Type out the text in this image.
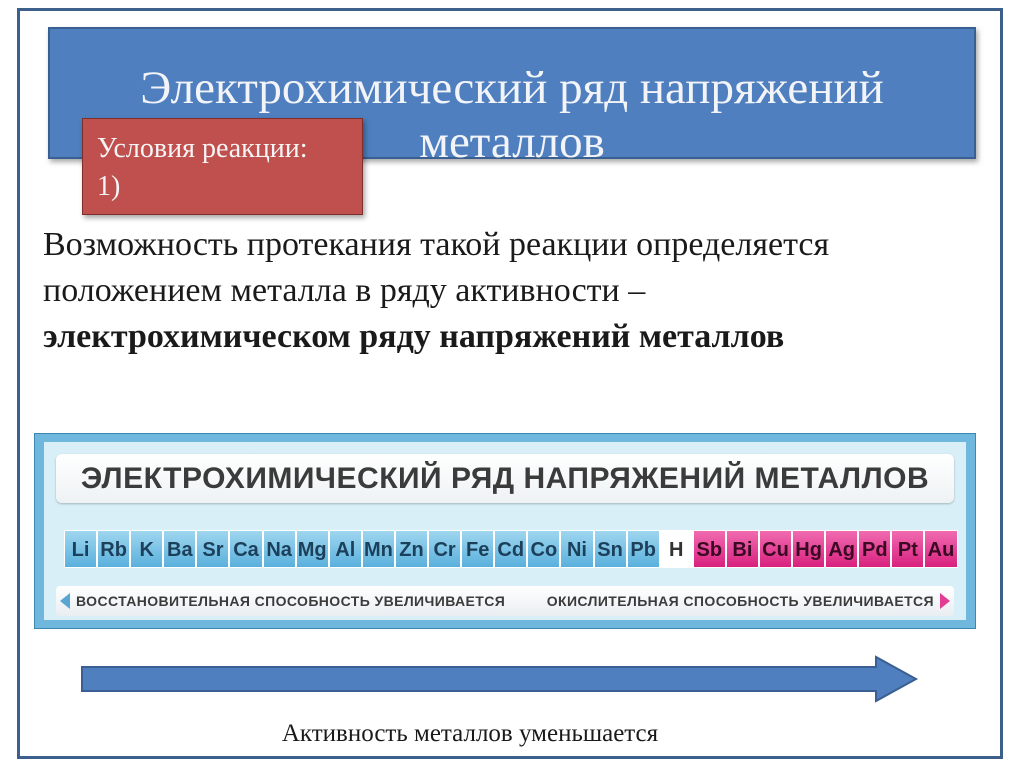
Электрохимический ряд напряжений металлов
Условия реакции:
1)
Возможность протекания такой реакции определяется
положением металла в ряду активности –
электрохимическом ряду напряжений металлов
ЭЛЕКТРОХИМИЧЕСКИЙ РЯД НАПРЯЖЕНИЙ МЕТАЛЛОВ
Li Rb K Ba Sr Ca Na Mg Al Mn Zn Cr Fe Cd Co Ni Sn Pb H Sb Bi Cu Hg Ag Pd Pt Au
ВОССТАНОВИТЕЛЬНАЯ СПОСОБНОСТЬ УВЕЛИЧИВАЕТСЯ	ОКИСЛИТЕЛЬНАЯ СПОСОБНОСТЬ УВЕЛИЧИВАЕТСЯ
Активность металлов уменьшается
